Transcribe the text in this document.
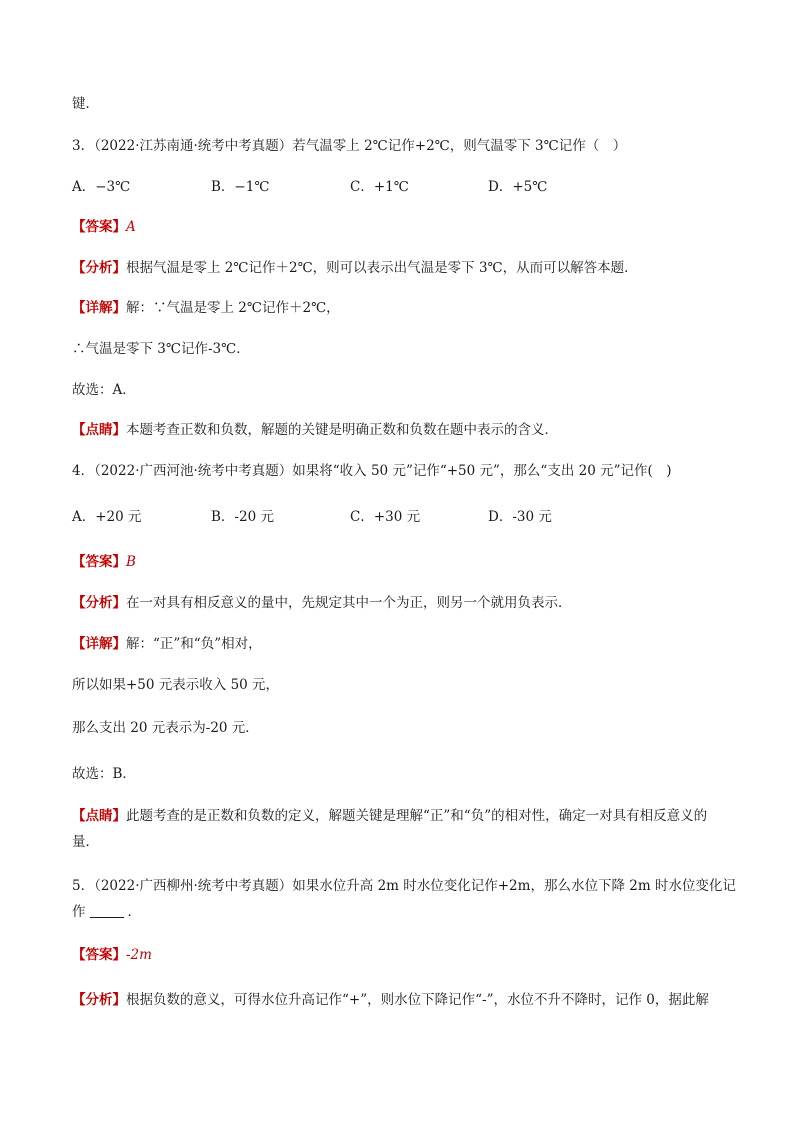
键．
3．（2022·江苏南通·统考中考真题）若气温零上 2℃记作+2℃，则气温零下 3℃记作（　）
A．−3℃	B．−1℃	C．+1℃	D．+5℃
【答案】A
【分析】根据气温是零上 2℃记作＋2℃，则可以表示出气温是零下 3℃，从而可以解答本题．
【详解】解：∵气温是零上 2℃记作＋2℃，
∴气温是零下 3℃记作-3℃．
故选：A．
【点睛】本题考查正数和负数，解题的关键是明确正数和负数在题中表示的含义．
4．（2022·广西河池·统考中考真题）如果将“收入 50 元”记作“+50 元”，那么“支出 20 元”记作(　)
A．+20 元	B．-20 元	C．+30 元	D．-30 元
【答案】B
【分析】在一对具有相反意义的量中，先规定其中一个为正，则另一个就用负表示．
【详解】解：“正”和“负”相对，
所以如果+50 元表示收入 50 元，
那么支出 20 元表示为-20 元．
故选：B．
【点睛】此题考查的是正数和负数的定义，解题关键是理解“正”和“负”的相对性，确定一对具有相反意义的
量．
5．（2022·广西柳州·统考中考真题）如果水位升高 2m 时水位变化记作+2m，那么水位下降 2m 时水位变化记
作	．
【答案】-2m
【分析】根据负数的意义，可得水位升高记作“+”，则水位下降记作“-”，水位不升不降时，记作 0，据此解
